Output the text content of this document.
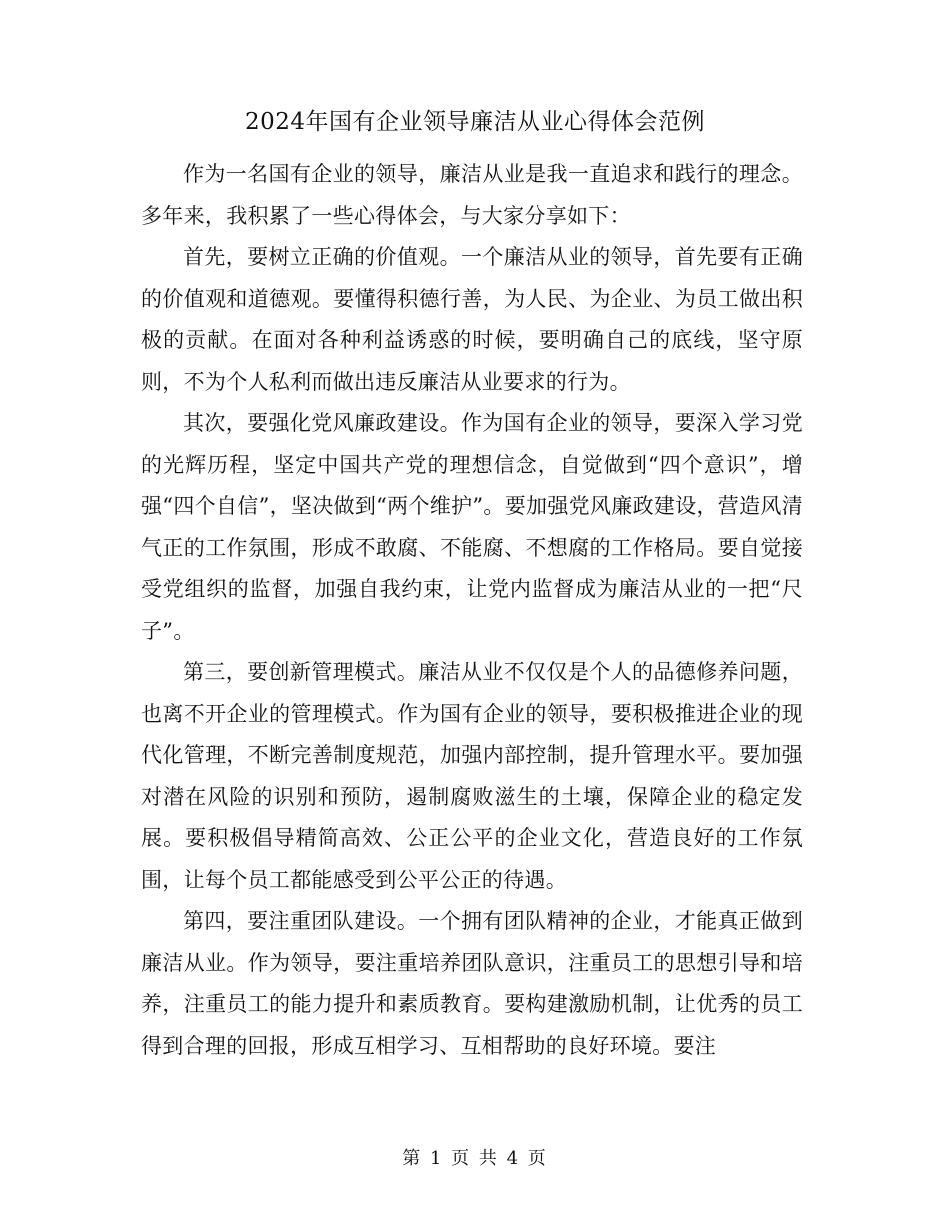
2024年国有企业领导廉洁从业心得体会范例

作为一名国有企业的领导，廉洁从业是我一直追求和践行的理念。多年来，我积累了一些心得体会，与大家分享如下：

首先，要树立正确的价值观。一个廉洁从业的领导，首先要有正确的价值观和道德观。要懂得积德行善，为人民、为企业、为员工做出积极的贡献。在面对各种利益诱惑的时候，要明确自己的底线，坚守原则，不为个人私利而做出违反廉洁从业要求的行为。

其次，要强化党风廉政建设。作为国有企业的领导，要深入学习党的光辉历程，坚定中国共产党的理想信念，自觉做到“四个意识”，增强“四个自信”，坚决做到“两个维护”。要加强党风廉政建设，营造风清气正的工作氛围，形成不敢腐、不能腐、不想腐的工作格局。要自觉接受党组织的监督，加强自我约束，让党内监督成为廉洁从业的一把“尺子”。

第三，要创新管理模式。廉洁从业不仅仅是个人的品德修养问题，也离不开企业的管理模式。作为国有企业的领导，要积极推进企业的现代化管理，不断完善制度规范，加强内部控制，提升管理水平。要加强对潜在风险的识别和预防，遏制腐败滋生的土壤，保障企业的稳定发展。要积极倡导精简高效、公正公平的企业文化，营造良好的工作氛围，让每个员工都能感受到公平公正的待遇。

第四，要注重团队建设。一个拥有团队精神的企业，才能真正做到廉洁从业。作为领导，要注重培养团队意识，注重员工的思想引导和培养，注重员工的能力提升和素质教育。要构建激励机制，让优秀的员工得到合理的回报，形成互相学习、互相帮助的良好环境。要注

第 1 页 共 4 页
